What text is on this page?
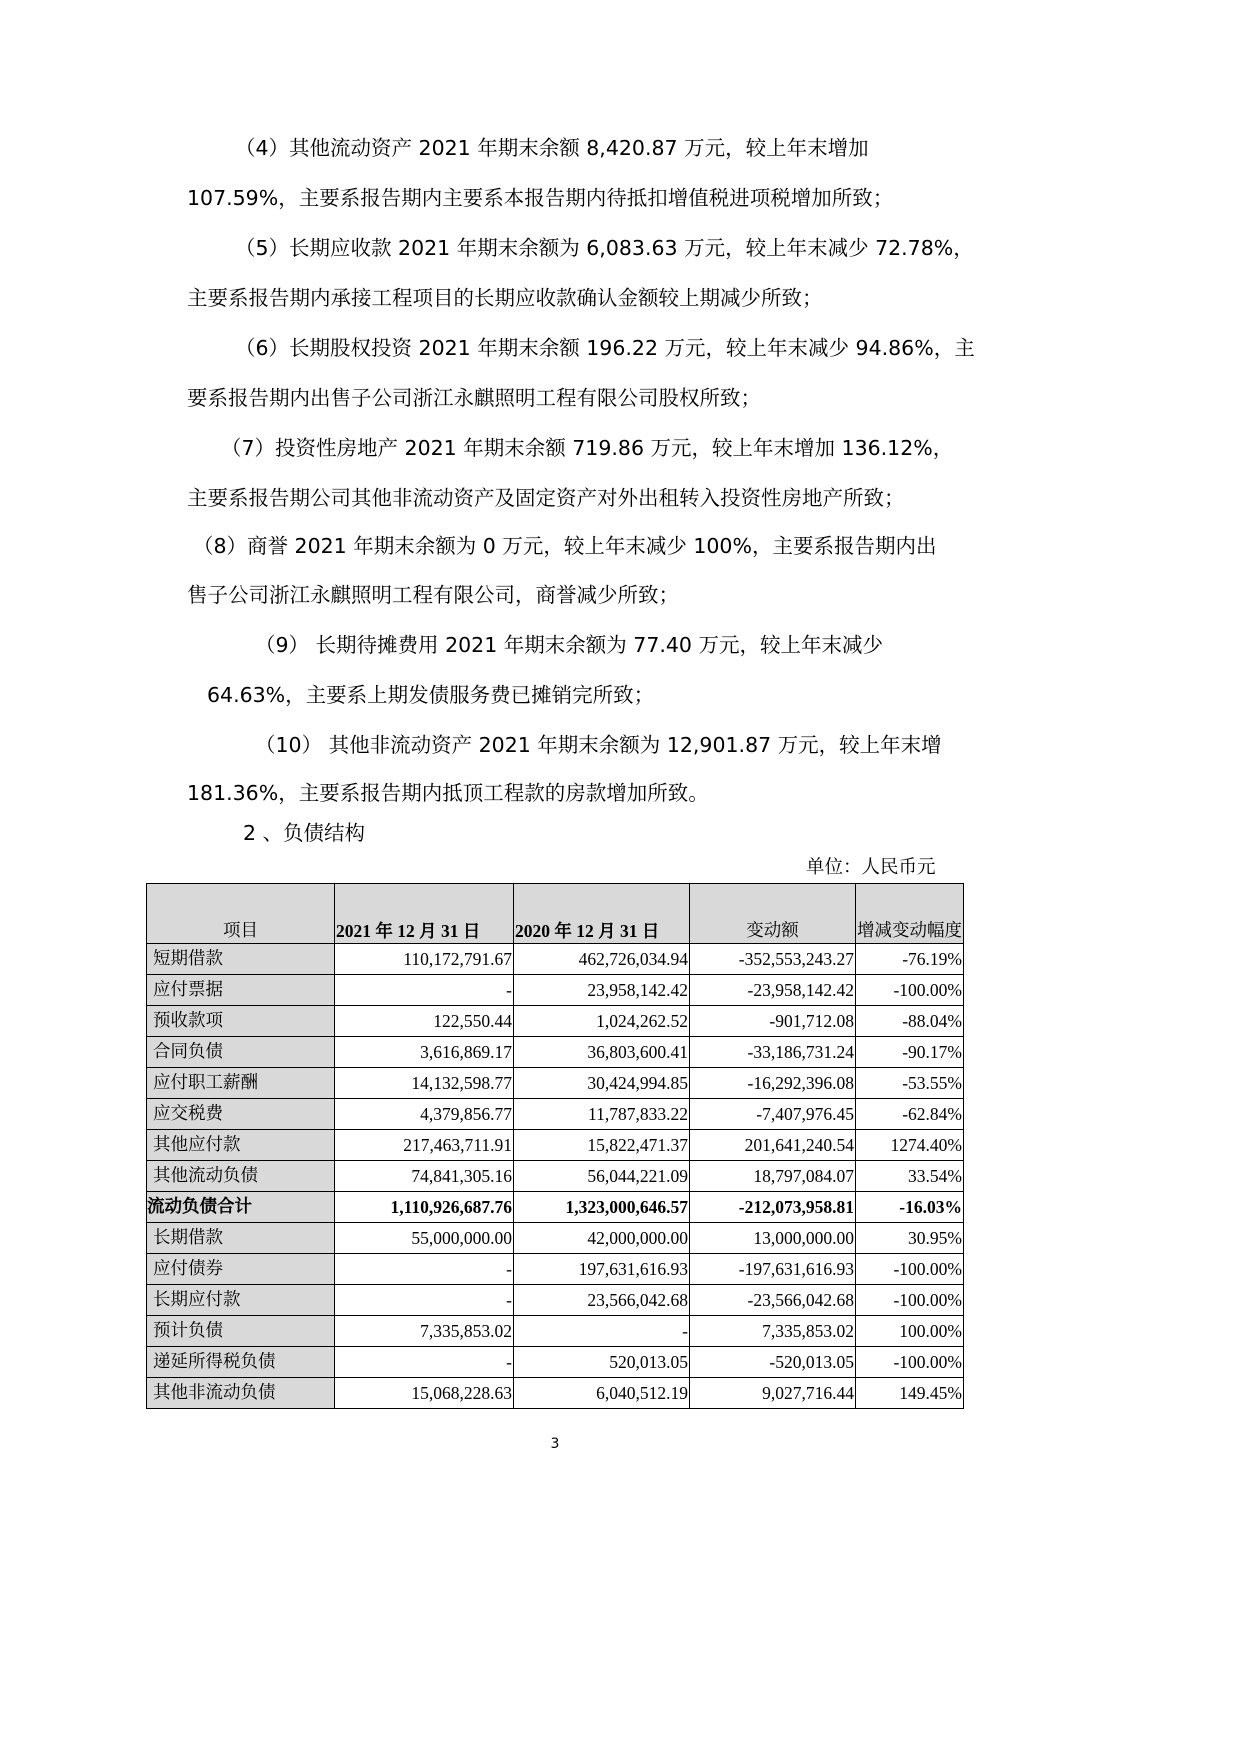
（4）其他流动资产 2021 年期末余额 8,420.87 万元，较上年末增加
107.59%，主要系报告期内主要系本报告期内待抵扣增值税进项税增加所致；
（5）长期应收款 2021 年期末余额为 6,083.63 万元，较上年末减少 72.78%，
主要系报告期内承接工程项目的长期应收款确认金额较上期减少所致；
（6）长期股权投资 2021 年期末余额 196.22 万元，较上年末减少 94.86%，主
要系报告期内出售子公司浙江永麒照明工程有限公司股权所致；
（7）投资性房地产 2021 年期末余额 719.86 万元，较上年末增加 136.12%，
主要系报告期公司其他非流动资产及固定资产对外出租转入投资性房地产所致；
（8）商誉 2021 年期末余额为 0 万元，较上年末减少 100%，主要系报告期内出
售子公司浙江永麒照明工程有限公司，商誉减少所致；
（9） 长期待摊费用 2021 年期末余额为 77.40 万元，较上年末减少
64.63%，主要系上期发债服务费已摊销完所致；
（10） 其他非流动资产 2021 年期末余额为 12,901.87 万元，较上年末增
181.36%，主要系报告期内抵顶工程款的房款增加所致。
2 、负债结构
单位：人民币元
项目	2021 年 12 月 31 日	2020 年 12 月 31 日	变动额	增减变动幅度
短期借款	110,172,791.67	462,726,034.94	-352,553,243.27	-76.19%
应付票据	-	23,958,142.42	-23,958,142.42	-100.00%
预收款项	122,550.44	1,024,262.52	-901,712.08	-88.04%
合同负债	3,616,869.17	36,803,600.41	-33,186,731.24	-90.17%
应付职工薪酬	14,132,598.77	30,424,994.85	-16,292,396.08	-53.55%
应交税费	4,379,856.77	11,787,833.22	-7,407,976.45	-62.84%
其他应付款	217,463,711.91	15,822,471.37	201,641,240.54	1274.40%
其他流动负债	74,841,305.16	56,044,221.09	18,797,084.07	33.54%
流动负债合计	1,110,926,687.76	1,323,000,646.57	-212,073,958.81	-16.03%
长期借款	55,000,000.00	42,000,000.00	13,000,000.00	30.95%
应付债券	-	197,631,616.93	-197,631,616.93	-100.00%
长期应付款	-	23,566,042.68	-23,566,042.68	-100.00%
预计负债	7,335,853.02	-	7,335,853.02	100.00%
递延所得税负债	-	520,013.05	-520,013.05	-100.00%
其他非流动负债	15,068,228.63	6,040,512.19	9,027,716.44	149.45%
3
